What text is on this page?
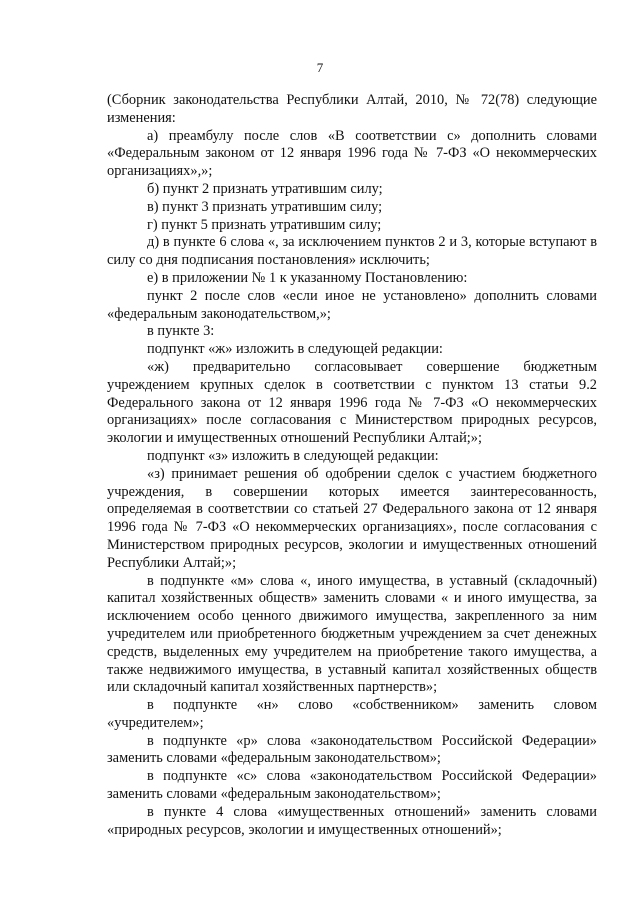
7

(Сборник законодательства Республики Алтай, 2010, № 72(78) следующие изменения:

а) преамбулу после слов «В соответствии с» дополнить словами «Федеральным законом от 12 января 1996 года № 7-ФЗ «О некоммерческих организациях»,»;

б) пункт 2 признать утратившим силу;

в) пункт 3 признать утратившим силу;

г) пункт 5 признать утратившим силу;

д) в пункте 6 слова «, за исключением пунктов 2 и 3, которые вступают в силу со дня подписания постановления» исключить;

е) в приложении № 1 к указанному Постановлению:

пункт 2 после слов «если иное не установлено» дополнить словами «федеральным законодательством,»;

в пункте 3:

подпункт «ж» изложить в следующей редакции:

«ж) предварительно согласовывает совершение бюджетным учреждением крупных сделок в соответствии с пунктом 13 статьи 9.2 Федерального закона от 12 января 1996 года № 7-ФЗ «О некоммерческих организациях» после согласования с Министерством природных ресурсов, экологии и имущественных отношений Республики Алтай;»;

подпункт «з» изложить в следующей редакции:

«з) принимает решения об одобрении сделок с участием бюджетного учреждения, в совершении которых имеется заинтересованность, определяемая в соответствии со статьей 27 Федерального закона от 12 января 1996 года № 7-ФЗ «О некоммерческих организациях», после согласования с Министерством природных ресурсов, экологии и имущественных отношений Республики Алтай;»;

в подпункте «м» слова «, иного имущества, в уставный (складочный) капитал хозяйственных обществ» заменить словами « и иного имущества, за исключением особо ценного движимого имущества, закрепленного за ним учредителем или приобретенного бюджетным учреждением за счет денежных средств, выделенных ему учредителем на приобретение такого имущества, а также недвижимого имущества, в уставный капитал хозяйственных обществ или складочный капитал хозяйственных партнерств»;

в подпункте «н» слово «собственником» заменить словом «учредителем»;

в подпункте «р» слова «законодательством Российской Федерации» заменить словами «федеральным законодательством»;

в подпункте «с» слова «законодательством Российской Федерации» заменить словами «федеральным законодательством»;

в пункте 4 слова «имущественных отношений» заменить словами «природных ресурсов, экологии и имущественных отношений»;
